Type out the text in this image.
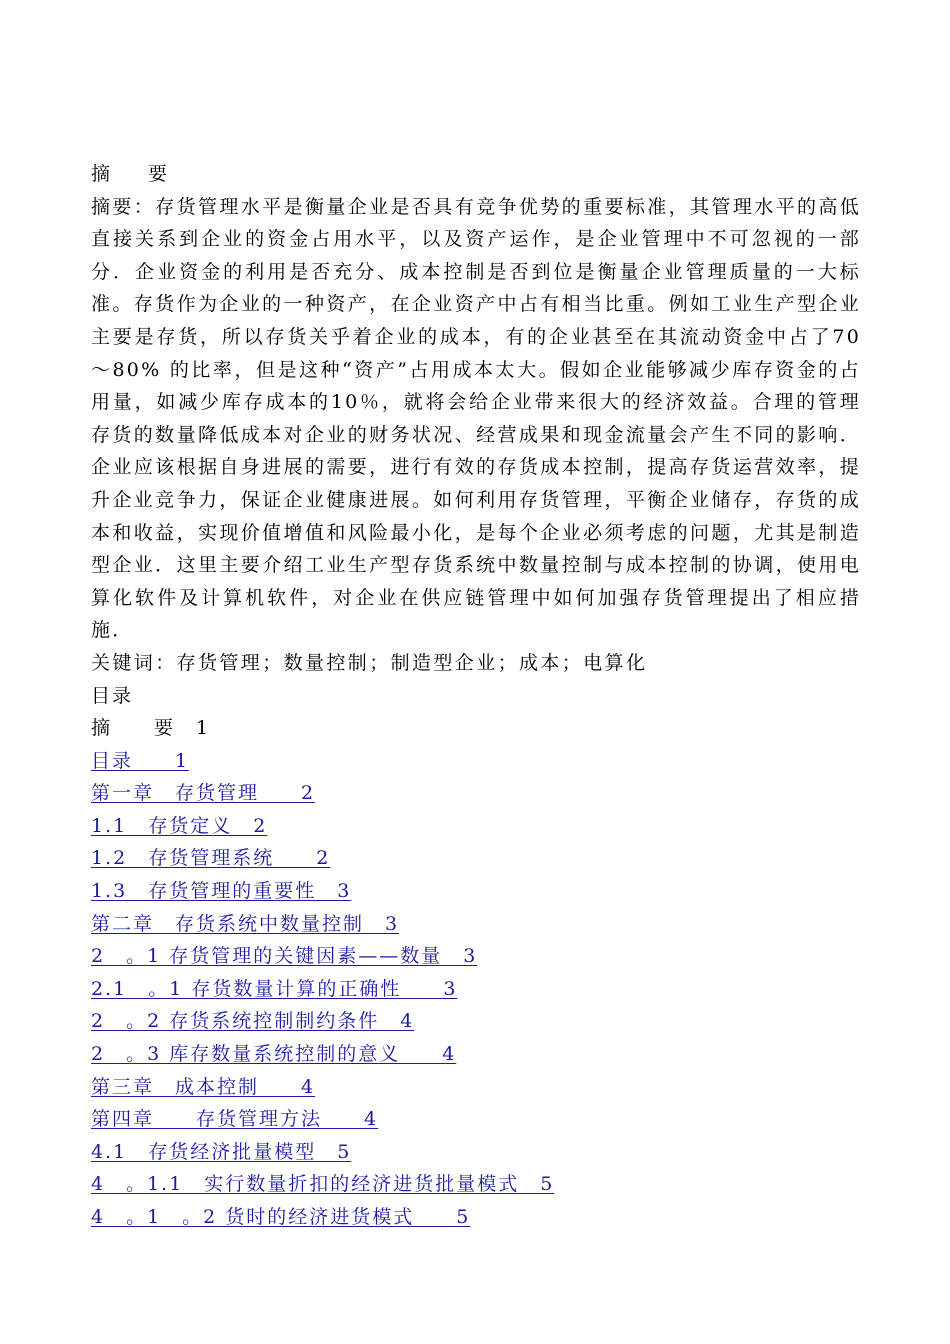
摘　　要
摘要：存货管理水平是衡量企业是否具有竞争优势的重要标准，其管理水平的高低直接关系到企业的资金占用水平，以及资产运作，是企业管理中不可忽视的一部分．企业资金的利用是否充分、成本控制是否到位是衡量企业管理质量的一大标准。存货作为企业的一种资产，在企业资产中占有相当比重。例如工业生产型企业主要是存货，所以存货关乎着企业的成本，有的企业甚至在其流动资金中占了70～80% 的比率，但是这种“资产”占用成本太大。假如企业能够减少库存资金的占用量，如减少库存成本的10％，就将会给企业带来很大的经济效益。合理的管理存货的数量降低成本对企业的财务状况、经营成果和现金流量会产生不同的影响．企业应该根据自身进展的需要，进行有效的存货成本控制，提高存货运营效率，提升企业竞争力，保证企业健康进展。如何利用存货管理，平衡企业储存，存货的成本和收益，实现价值增值和风险最小化，是每个企业必须考虑的问题，尤其是制造型企业．这里主要介绍工业生产型存货系统中数量控制与成本控制的协调，使用电算化软件及计算机软件，对企业在供应链管理中如何加强存货管理提出了相应措施．
关键词：存货管理；数量控制；制造型企业；成本；电算化
目录
摘　　要　1
目录　　1
第一章　存货管理　　2
1.1　存货定义　2
1.2　存货管理系统　　2
1.3　存货管理的重要性　3
第二章　存货系统中数量控制　3
2　。1 存货管理的关键因素——数量　3
2.1　。1 存货数量计算的正确性　　3
2　。2 存货系统控制制约条件　4
2　。3 库存数量系统控制的意义　　4
第三章　成本控制　　4
第四章　　存货管理方法　　4
4.1　存货经济批量模型　5
4　。1.1　实行数量折扣的经济进货批量模式　5
4　。1　。2 货时的经济进货模式　　5
